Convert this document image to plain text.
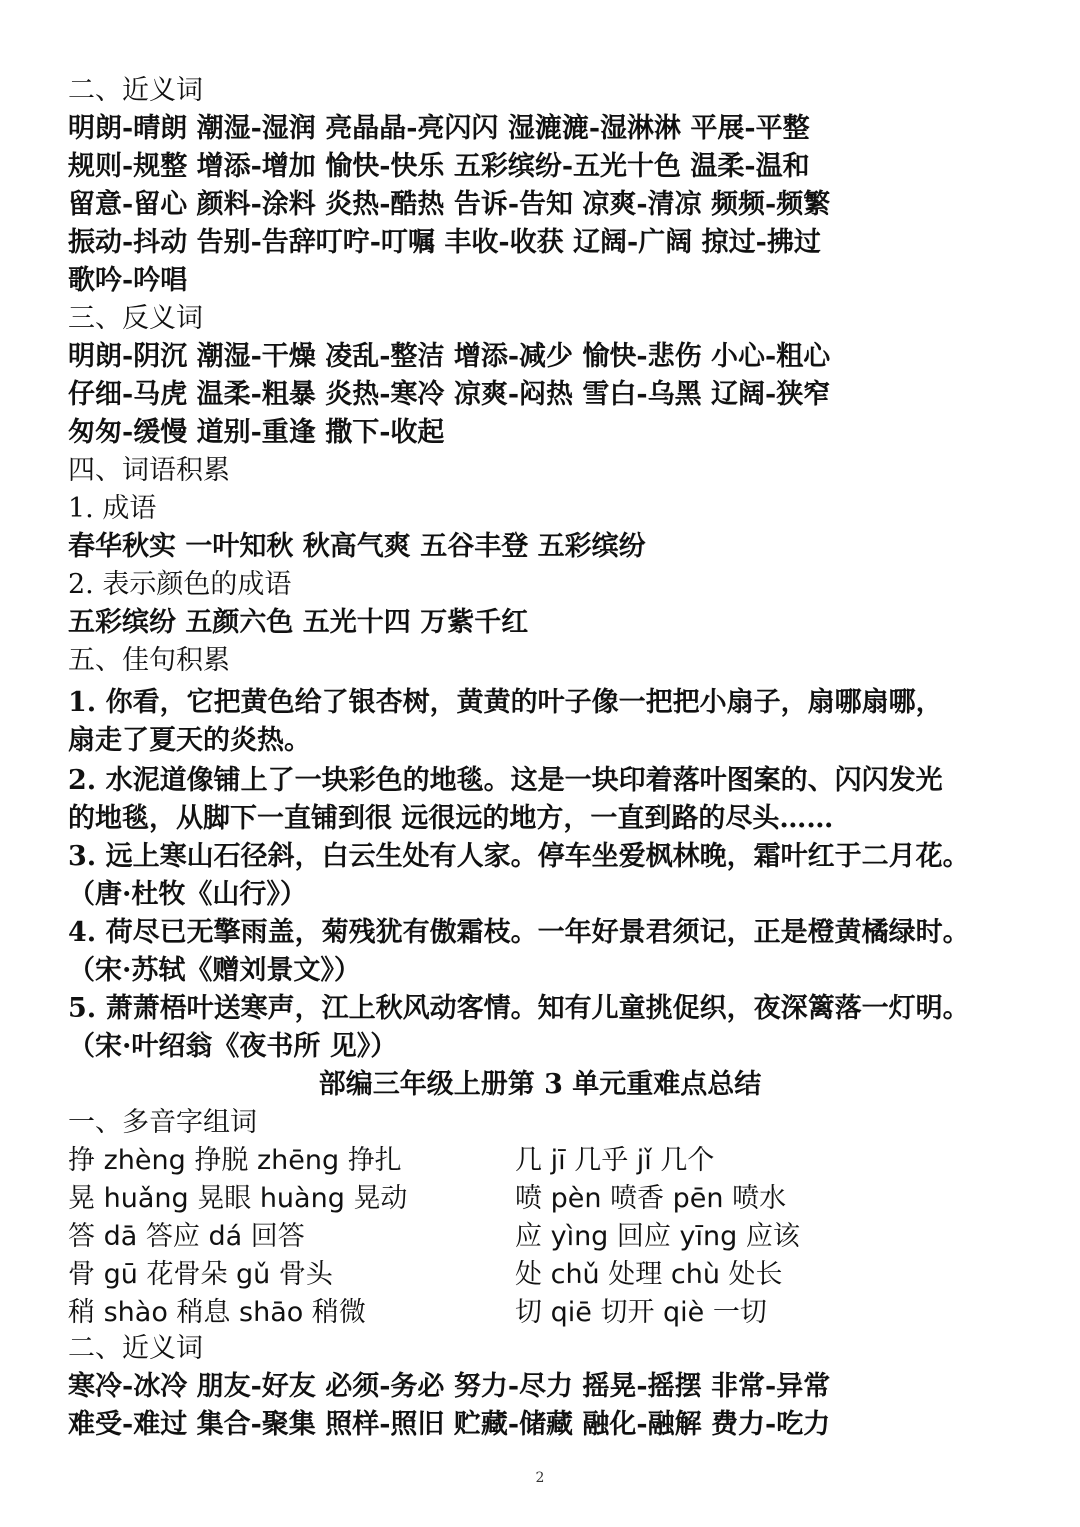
二、近义词
明朗-晴朗 潮湿-湿润 亮晶晶-亮闪闪 湿漉漉-湿淋淋 平展-平整
规则-规整 增添-增加 愉快-快乐 五彩缤纷-五光十色 温柔-温和
留意-留心 颜料-涂料 炎热-酷热 告诉-告知 凉爽-清凉 频频-频繁
振动-抖动 告别-告辞叮咛-叮嘱 丰收-收获 辽阔-广阔 掠过-拂过
歌吟-吟唱
三、反义词
明朗-阴沉 潮湿-干燥 凌乱-整洁 增添-减少 愉快-悲伤 小心-粗心
仔细-马虎 温柔-粗暴 炎热-寒冷 凉爽-闷热 雪白-乌黑 辽阔-狭窄
匆匆-缓慢 道别-重逢 撒下-收起
四、词语积累
1. 成语
春华秋实 一叶知秋 秋高气爽 五谷丰登 五彩缤纷
2. 表示颜色的成语
五彩缤纷 五颜六色 五光十四 万紫千红
五、佳句积累
1. 你看，它把黄色给了银杏树，黄黄的叶子像一把把小扇子，扇哪扇哪，
扇走了夏天的炎热。
2. 水泥道像铺上了一块彩色的地毯。这是一块印着落叶图案的、闪闪发光
的地毯，从脚下一直铺到很 远很远的地方，一直到路的尽头……
3. 远上寒山石径斜，白云生处有人家。停车坐爱枫林晚，霜叶红于二月花。
（唐·杜牧《山行》）
4. 荷尽已无擎雨盖，菊残犹有傲霜枝。一年好景君须记，正是橙黄橘绿时。
（宋·苏轼《赠刘景文》）
5. 萧萧梧叶送寒声，江上秋风动客情。知有儿童挑促织，夜深篱落一灯明。
（宋·叶绍翁《夜书所 见》）
部编三年级上册第 3 单元重难点总结
一、多音字组词
挣 zhèng 挣脱 zhēng 挣扎	几 jī 几乎 jǐ 几个
晃 huǎng 晃眼 huàng 晃动	喷 pèn 喷香 pēn 喷水
答 dā 答应 dá 回答	应 yìng 回应 yīng 应该
骨 gū 花骨朵 gǔ 骨头	处 chǔ 处理 chù 处长
稍 shào 稍息 shāo 稍微	切 qiē 切开 qiè 一切
二、近义词
寒冷-冰冷 朋友-好友 必须-务必 努力-尽力 摇晃-摇摆 非常-异常
难受-难过 集合-聚集 照样-照旧 贮藏-储藏 融化-融解 费力-吃力
2
